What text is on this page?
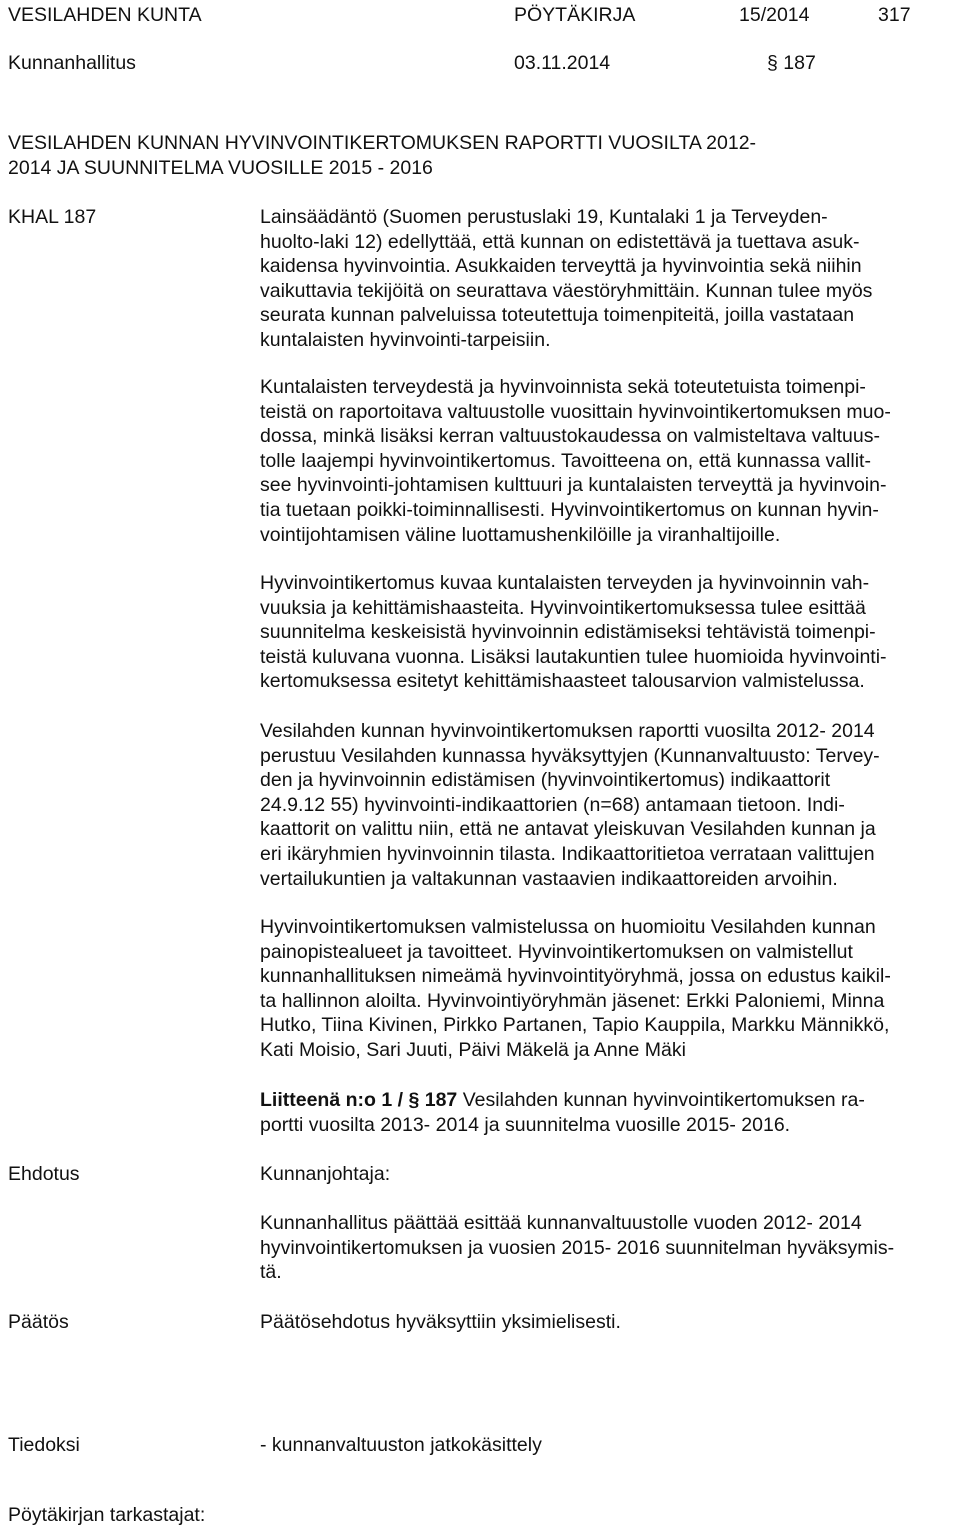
VESILAHDEN KUNTA	PÖYTÄKIRJA	15/2014	317
Kunnanhallitus	03.11.2014	§ 187
VESILAHDEN KUNNAN HYVINVOINTIKERTOMUKSEN RAPORTTI VUOSILTA 2012-
2014 JA SUUNNITELMA VUOSILLE 2015 - 2016
KHAL 187	Lainsäädäntö (Suomen perustuslaki 19, Kuntalaki 1 ja Terveyden-
huolto-laki 12) edellyttää, että kunnan on edistettävä ja tuettava asuk-
kaidensa hyvinvointia. Asukkaiden terveyttä ja hyvinvointia sekä niihin
vaikuttavia tekijöitä on seurattava väestöryhmittäin. Kunnan tulee myös
seurata kunnan palveluissa toteutettuja toimenpiteitä, joilla vastataan
kuntalaisten hyvinvointi-tarpeisiin.

Kuntalaisten terveydestä ja hyvinvoinnista sekä toteutetuista toimenpi-
teistä on raportoitava valtuustolle vuosittain hyvinvointikertomuksen muo-
dossa, minkä lisäksi kerran valtuustokaudessa on valmisteltava valtuus-
tolle laajempi hyvinvointikertomus. Tavoitteena on, että kunnassa vallit-
see hyvinvointi-johtamisen kulttuuri ja kuntalaisten terveyttä ja hyvinvoin-
tia tuetaan poikki-toiminnallisesti. Hyvinvointikertomus on kunnan hyvin-
vointijohtamisen väline luottamushenkilöille ja viranhaltijoille.

Hyvinvointikertomus kuvaa kuntalaisten terveyden ja hyvinvoinnin vah-
vuuksia ja kehittämishaasteita. Hyvinvointikertomuksessa tulee esittää
suunnitelma keskeisistä hyvinvoinnin edistämiseksi tehtävistä toimenpi-
teistä kuluvana vuonna. Lisäksi lautakuntien tulee huomioida hyvinvointi-
kertomuksessa esitetyt kehittämishaasteet talousarvion valmistelussa.

Vesilahden kunnan hyvinvointikertomuksen raportti vuosilta 2012- 2014
perustuu Vesilahden kunnassa hyväksyttyjen (Kunnanvaltuusto: Tervey-
den ja hyvinvoinnin edistämisen (hyvinvointikertomus) indikaattorit
24.9.12 55) hyvinvointi-indikaattorien (n=68) antamaan tietoon. Indi-
kaattorit on valittu niin, että ne antavat yleiskuvan Vesilahden kunnan ja
eri ikäryhmien hyvinvoinnin tilasta. Indikaattoritietoa verrataan valittujen
vertailukuntien ja valtakunnan vastaavien indikaattoreiden arvoihin.

Hyvinvointikertomuksen valmistelussa on huomioitu Vesilahden kunnan
painopistealueet ja tavoitteet. Hyvinvointikertomuksen on valmistellut
kunnanhallituksen nimeämä hyvinvointityöryhmä, jossa on edustus kaikil-
ta hallinnon aloilta. Hyvinvointiyöryhmän jäsenet: Erkki Paloniemi, Minna
Hutko, Tiina Kivinen, Pirkko Partanen, Tapio Kauppila, Markku Männikkö,
Kati Moisio, Sari Juuti, Päivi Mäkelä ja Anne Mäki

Liitteenä n:o 1 / § 187 Vesilahden kunnan hyvinvointikertomuksen ra-
portti vuosilta 2013- 2014 ja suunnitelma vuosille 2015- 2016.

Ehdotus	Kunnanjohtaja:

Kunnanhallitus päättää esittää kunnanvaltuustolle vuoden 2012- 2014
hyvinvointikertomuksen ja vuosien 2015- 2016 suunnitelman hyväksymis-
tä.

Päätös	Päätösehdotus hyväksyttiin yksimielisesti.
Tiedoksi	- kunnanvaltuuston jatkokäsittely
Pöytäkirjan tarkastajat:
